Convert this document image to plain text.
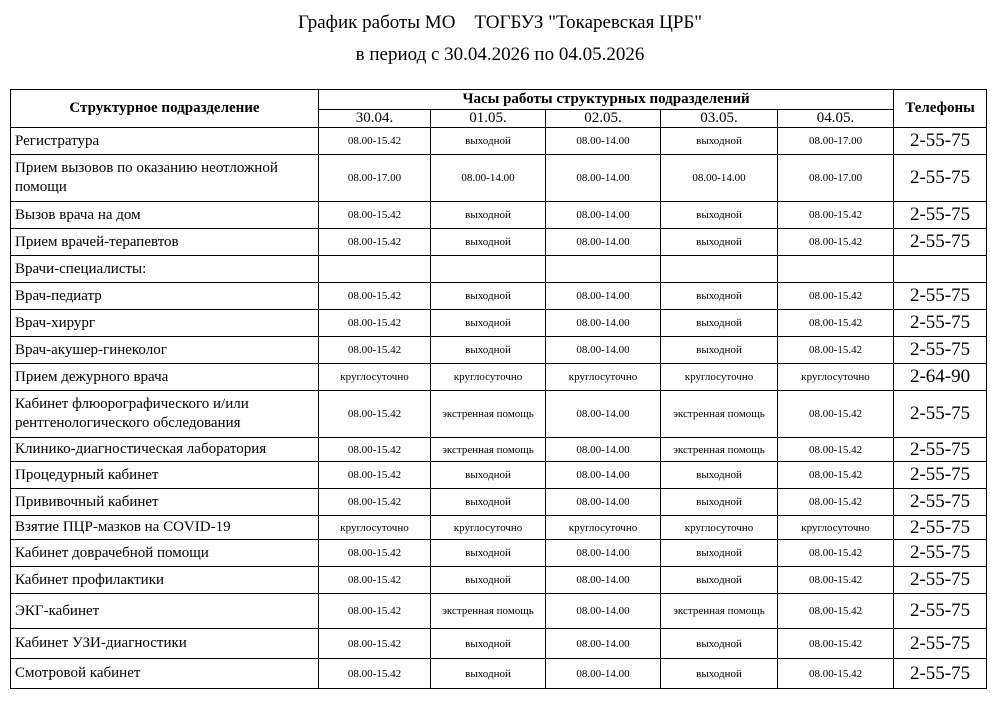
График работы МО    ТОГБУЗ "Токаревская ЦРБ"
в период с 30.04.2026 по 04.05.2026
Структурное подразделение	Часы работы структурных подразделений					Телефоны
	30.04.	01.05.	02.05.	03.05.	04.05.	
Регистратура	08.00-15.42	выходной	08.00-14.00	выходной	08.00-17.00	2-55-75
Прием вызовов по оказанию неотложной помощи	08.00-17.00	08.00-14.00	08.00-14.00	08.00-14.00	08.00-17.00	2-55-75
Вызов врача на дом	08.00-15.42	выходной	08.00-14.00	выходной	08.00-15.42	2-55-75
Прием врачей-терапевтов	08.00-15.42	выходной	08.00-14.00	выходной	08.00-15.42	2-55-75
Врачи-специалисты:						
Врач-педиатр	08.00-15.42	выходной	08.00-14.00	выходной	08.00-15.42	2-55-75
Врач-хирург	08.00-15.42	выходной	08.00-14.00	выходной	08.00-15.42	2-55-75
Врач-акушер-гинеколог	08.00-15.42	выходной	08.00-14.00	выходной	08.00-15.42	2-55-75
Прием дежурного врача	круглосуточно	круглосуточно	круглосуточно	круглосуточно	круглосуточно	2-64-90
Кабинет флюорографического и/или рентгенологического обследования	08.00-15.42	экстренная помощь	08.00-14.00	экстренная помощь	08.00-15.42	2-55-75
Клинико-диагностическая лаборатория	08.00-15.42	экстренная помощь	08.00-14.00	экстренная помощь	08.00-15.42	2-55-75
Процедурный кабинет	08.00-15.42	выходной	08.00-14.00	выходной	08.00-15.42	2-55-75
Прививочный кабинет	08.00-15.42	выходной	08.00-14.00	выходной	08.00-15.42	2-55-75
Взятие ПЦР-мазков на COVID-19	круглосуточно	круглосуточно	круглосуточно	круглосуточно	круглосуточно	2-55-75
Кабинет доврачебной помощи	08.00-15.42	выходной	08.00-14.00	выходной	08.00-15.42	2-55-75
Кабинет профилактики	08.00-15.42	выходной	08.00-14.00	выходной	08.00-15.42	2-55-75
ЭКГ-кабинет	08.00-15.42	экстренная помощь	08.00-14.00	экстренная помощь	08.00-15.42	2-55-75
Кабинет УЗИ-диагностики	08.00-15.42	выходной	08.00-14.00	выходной	08.00-15.42	2-55-75
Смотровой кабинет	08.00-15.42	выходной	08.00-14.00	выходной	08.00-15.42	2-55-75
